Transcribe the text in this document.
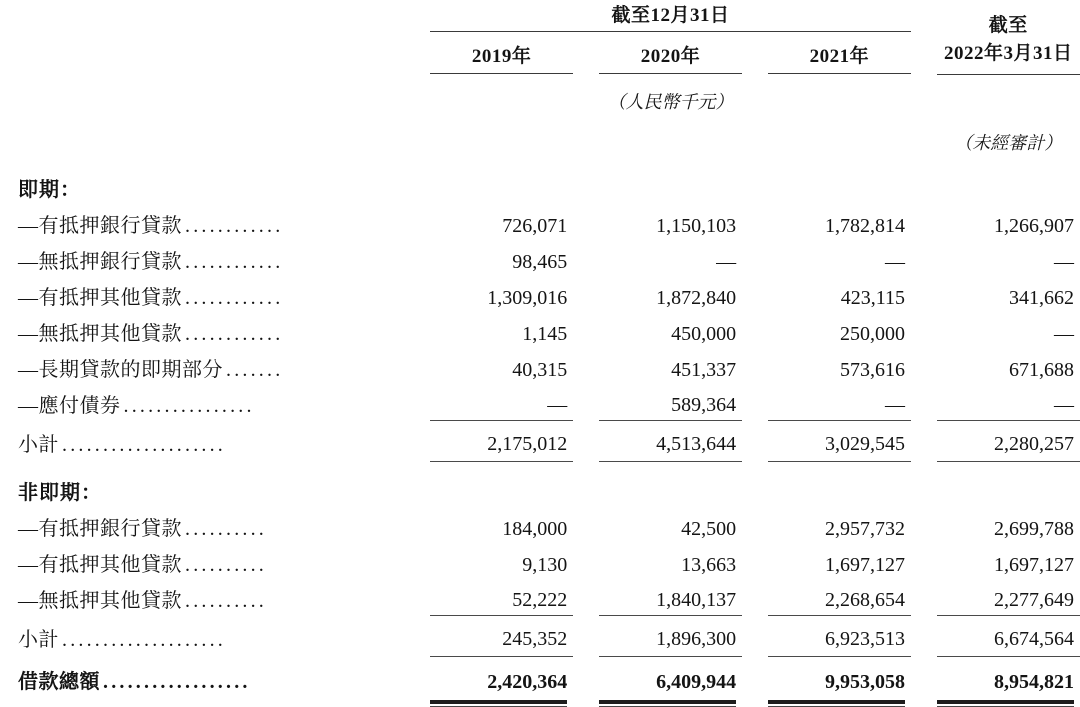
	截至12月31日						截至
2022年3月31日

	2019年		2020年		2021年		

	（人民幣千元）						
							（未經審計）
即期：							
—有抵押銀行貸款 ............	726,071		1,150,103		1,782,814		1,266,907
—無抵押銀行貸款 ............	98,465		—		—		—
—有抵押其他貸款 ............	1,309,016		1,872,840		423,115		341,662
—無抵押其他貸款 ............	1,145		450,000		250,000		—
—長期貸款的即期部分 .......	40,315		451,337		573,616		671,688
—應付債券 ................	—		589,364		—		—
小計 ....................	2,175,012		4,513,644		3,029,545		2,280,257
非即期：							
—有抵押銀行貸款 ..........	184,000		42,500		2,957,732		2,699,788
—有抵押其他貸款 ..........	9,130		13,663		1,697,127		1,697,127
—無抵押其他貸款 ..........	52,222		1,840,137		2,268,654		2,277,649
小計 ....................	245,352		1,896,300		6,923,513		6,674,564
借款總額 ..................	2,420,364		6,409,944		9,953,058		8,954,821
